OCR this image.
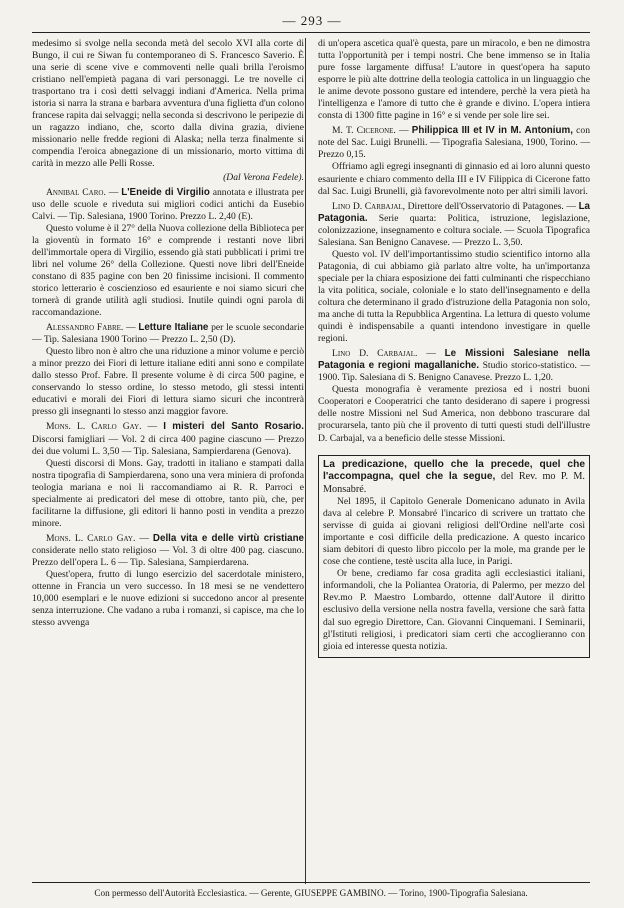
— 293 —

medesimo si svolge nella seconda metà del secolo XVI alla corte di Bungo, il cui re Siwan fu contemporaneo di S. Francesco Saverio. È una serie di scene vive e commoventi nelle quali brilla l'eroismo cristiano nell'empietà pagana di vari personaggi. Le tre novelle ci trasportano tra i così detti selvaggi indiani d'America. Nella prima istoria si narra la strana e barbara avventura d'una figlietta d'un colono francese rapita dai selvaggi; nella seconda si descrivono le peripezie di un ragazzo indiano, che, scorto dalla divina grazia, diviene missionario nelle fredde regioni di Alaska; nella terza finalmente si compendia l'eroica abnegazione di un missionario, morto vittima di carità in mezzo alle Pelli Rosse.

(Dal Verona Fedele).

Annibal Caro. — L'Eneide di Virgilio annotata e illustrata per uso delle scuole e riveduta sui migliori codici antichi da Eusebio Calvi. — Tip. Salesiana, 1900 Torino. Prezzo L. 2,40 (E).

Questo volume è il 27° della Nuova collezione della Biblioteca per la gioventù in formato 16° e comprende i restanti nove libri dell'immortale opera di Virgilio, essendo già stati pubblicati i primi tre libri nel volume 26° della Collezione. Questi nove libri dell'Eneide constano di 835 pagine con ben 20 finissime incisioni. Il commento storico letterario è coscienzioso ed esauriente e noi siamo sicuri che tornerà di grande utilità agli studiosi. Inutile quindi ogni parola di raccomandazione.

Alessandro Fabre. — Letture Italiane per le scuole secondarie — Tip. Salesiana 1900 Torino — Prezzo L. 2,50 (D).

Questo libro non è altro che una riduzione a minor volume e perciò a minor prezzo dei Fiori di letture italiane editi anni sono e compilate dallo stesso Prof. Fabre. Il presente volume è di circa 500 pagine, e conservando lo stesso ordine, lo stesso metodo, gli stessi intenti educativi e morali dei Fiori di lettura siamo sicuri che incontrerà presso gli insegnanti lo stesso anzi maggior favore.

Mons. L. Carlo Gay. — I misteri del Santo Rosario. Discorsi famigliari — Vol. 2 di circa 400 pagine ciascuno — Prezzo dei due volumi L. 3,50 — Tip. Salesiana, Sampierdarena (Genova).

Questi discorsi di Mons. Gay, tradotti in italiano e stampati dalla nostra tipografia di Sampierdarena, sono una vera miniera di profonda teologia mariana e noi li raccomandiamo ai R. R. Parroci e specialmente ai predicatori del mese di ottobre, tanto più, che, per facilitarne la diffusione, gli editori li hanno posti in vendita a prezzo minore.

Mons. L. Carlo Gay. — Della vita e delle virtù cristiane considerate nello stato religioso — Vol. 3 di oltre 400 pag. ciascuno. Prezzo dell'opera L. 6 — Tip. Salesiana, Sampierdarena.

Quest'opera, frutto di lungo esercizio del sacerdotale ministero, ottenne in Francia un vero successo. In 18 mesi se ne vendettero 10,000 esemplari e le nuove edizioni si succedono ancor al presente senza interruzione. Che vadano a ruba i romanzi, si capisce, ma che lo stesso avvenga

di un'opera ascetica qual'è questa, pare un miracolo, e ben ne dimostra tutta l'opportunità per i tempi nostri. Che bene immenso se in Italia pure fosse largamente diffusa! L'autore in quest'opera ha saputo esporre le più alte dottrine della teologia cattolica in un linguaggio che le anime devote possono gustare ed intendere, perchè la vera pietà ha l'intelligenza e l'amore di tutto che è grande e divino. L'opera intiera consta di 1300 fitte pagine in 16° e si vende per sole lire sei.

M. T. Cicerone. — Philippica III et IV in M. Antonium, con note del Sac. Luigi Brunelli. — Tipografia Salesiana, 1900, Torino. — Prezzo 0,15.

Offriamo agli egregi insegnanti di ginnasio ed ai loro alunni questo esauriente e chiaro commento della III e IV Filippica di Cicerone fatto dal Sac. Luigi Brunelli, già favorevolmente noto per altri simili lavori.

Lino D. Carbajal, Direttore dell'Osservatorio di Patagones. — La Patagonia. Serie quarta: Politica, istruzione, legislazione, colonizzazione, insegnamento e coltura sociale. — Scuola Tipografica Salesiana. San Benigno Canavese. — Prezzo L. 3,50.

Questo vol. IV dell'importantissimo studio scientifico intorno alla Patagonia, di cui abbiamo già parlato altre volte, ha un'importanza speciale per la chiara esposizione dei fatti culminanti che rispecchiano la vita politica, sociale, coloniale e lo stato dell'insegnamento e della coltura che determinano il grado d'istruzione della Patagonia non solo, ma anche di tutta la Repubblica Argentina. La lettura di questo volume quindi è indispensabile a quanti intendono investigare in quelle regioni.

Lino D. Carbajal. — Le Missioni Salesiane nella Patagonia e regioni magallaniche. Studio storico-statistico. — 1900. Tip. Salesiana di S. Benigno Canavese. Prezzo L. 1,20.

Questa monografia è veramente preziosa ed i nostri buoni Cooperatori e Cooperatrici che tanto desiderano di sapere i progressi delle nostre Missioni nel Sud America, non debbono trascurare dal procurarsela, tanto più che il provento di tutti questi studi dell'illustre D. Carbajal, va a beneficio delle stesse Missioni.

La predicazione, quello che la precede, quel che l'accompagna, quel che la segue, del Rev. mo P. M. Monsabré.

Nel 1895, il Capitolo Generale Domenicano adunato in Avila dava al celebre P. Monsabré l'incarico di scrivere un trattato che servisse di guida ai giovani religiosi dell'Ordine nell'arte così importante e così difficile della predicazione. A questo incarico siam debitori di questo libro piccolo per la mole, ma grande per le cose che contiene, testè uscita alla luce, in Parigi.

Or bene, crediamo far cosa gradita agli ecclesiastici italiani, informandoli, che la Polianteа Oratoria, di Palermo, per mezzo del Rev.mo P. Maestro Lombardo, ottenne dall'Autore il diritto esclusivo della versione nella nostra favella, versione che sarà fatta dal suo egregio Direttore, Can. Giovanni Cinquemani. I Seminarii, gl'Istituti religiosi, i predicatori siam certi che accoglieranno con gioia ed interesse questa notizia.

Con permesso dell'Autorità Ecclesiastica. — Gerente, GIUSEPPE GAMBINO. — Torino, 1900-Tipografia Salesiana.
